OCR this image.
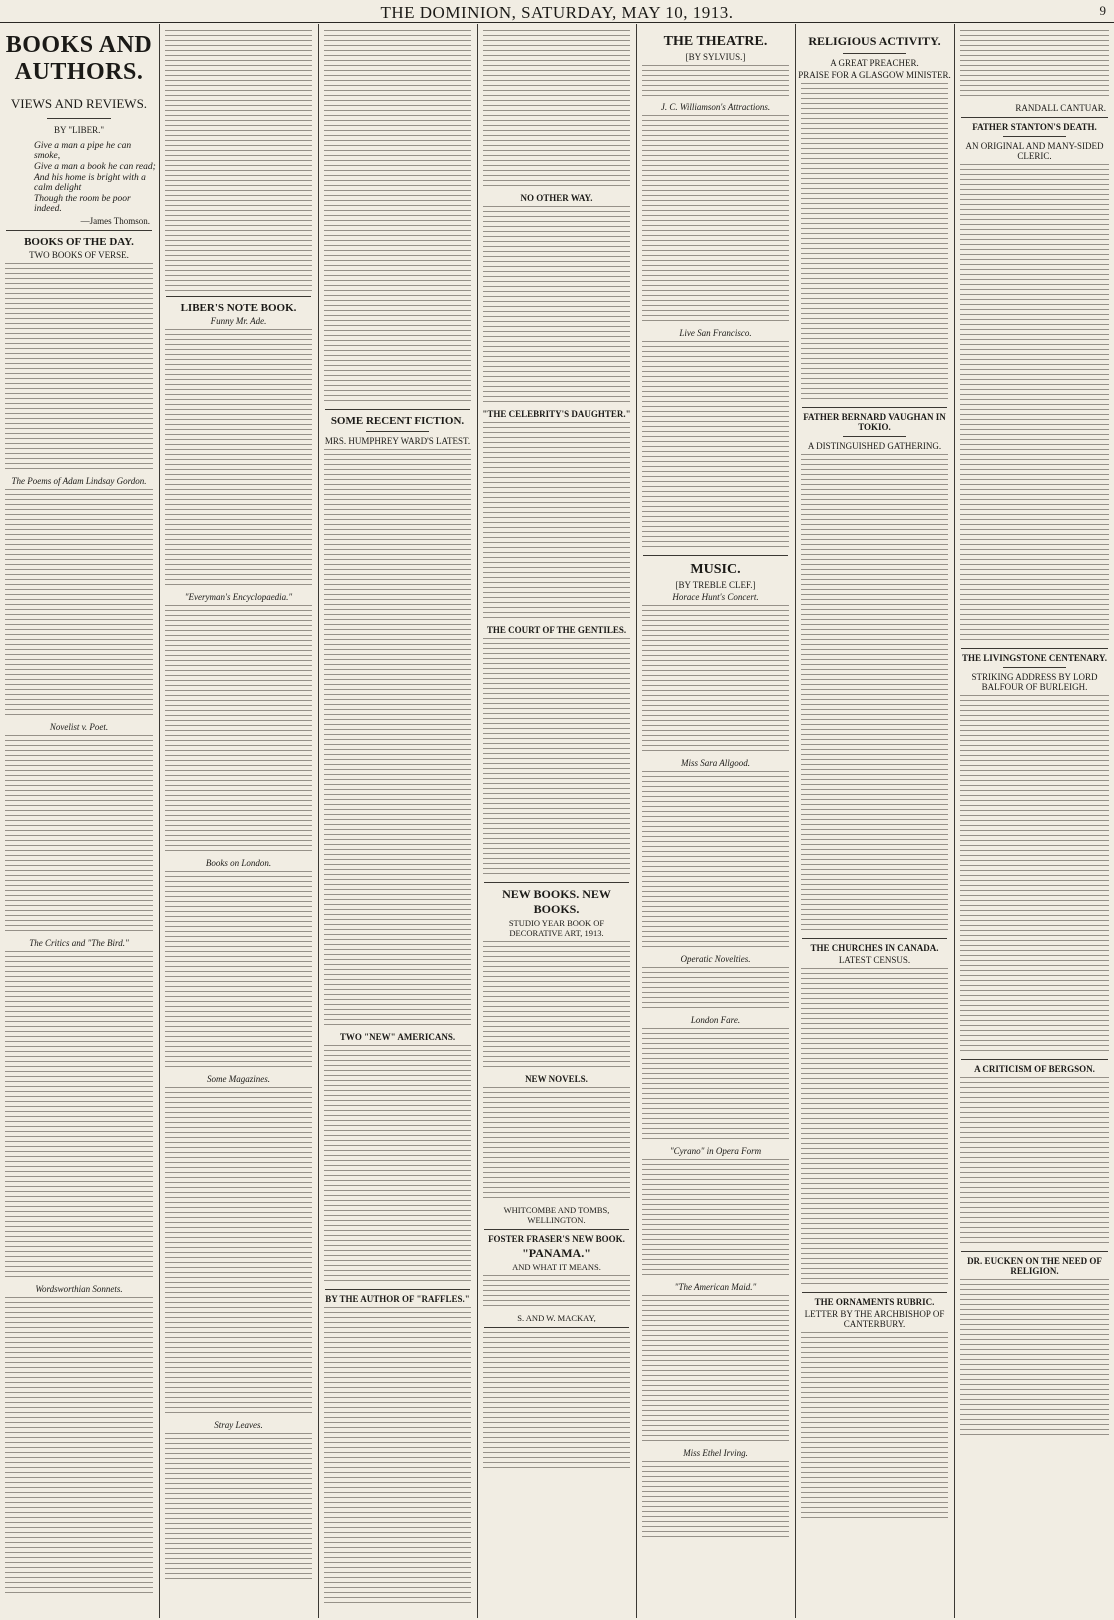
THE DOMINION, SATURDAY, MAY 10, 1913.	9
BOOKS AND AUTHORS.
VIEWS AND REVIEWS.
BY "LIBER."
Give a man a pipe he can smoke,
Give a man a book he can read;
And his home is bright with a calm delight
Though the room be poor indeed.
—James Thomson.
BOOKS OF THE DAY.
TWO BOOKS OF VERSE.
The Poems of Adam Lindsay Gordon.
Novelist v. Poet.
The Critics and "The Bird."
Wordsworthian Sonnets.
LIBER'S NOTE BOOK.
Funny Mr. Ade.
"Everyman's Encyclopaedia."
Books on London.
Some Magazines.
Stray Leaves.
SOME RECENT FICTION.
MRS. HUMPHREY WARD'S LATEST.
TWO "NEW" AMERICANS.
BY THE AUTHOR OF "RAFFLES."
NO OTHER WAY.
"THE CELEBRITY'S DAUGHTER."
THE COURT OF THE GENTILES.
NEW BOOKS. NEW BOOKS.
STUDIO YEAR BOOK OF DECORATIVE ART, 1913.
NEW NOVELS.
WHITCOMBE AND TOMBS, WELLINGTON.
FOSTER FRASER'S NEW BOOK.
"PANAMA."
AND WHAT IT MEANS.
S. AND W. MACKAY,
THE THEATRE.
[BY SYLVIUS.]
J. C. Williamson's Attractions.
Live San Francisco.
MUSIC.
[BY TREBLE CLEF.]
Horace Hunt's Concert.
Miss Sara Allgood.
Operatic Novelties.
London Fare.
"Cyrano" in Opera Form
"The American Maid."
Miss Ethel Irving.
RELIGIOUS ACTIVITY.
A GREAT PREACHER.
PRAISE FOR A GLASGOW MINISTER.
FATHER BERNARD VAUGHAN IN TOKIO.
A DISTINGUISHED GATHERING.
THE CHURCHES IN CANADA.
LATEST CENSUS.
THE ORNAMENTS RUBRIC.
LETTER BY THE ARCHBISHOP OF CANTERBURY.
RANDALL CANTUAR.
FATHER STANTON'S DEATH.
AN ORIGINAL AND MANY-SIDED CLERIC.
THE LIVINGSTONE CENTENARY.
STRIKING ADDRESS BY LORD BALFOUR OF BURLEIGH.
A CRITICISM OF BERGSON.
DR. EUCKEN ON THE NEED OF RELIGION.
